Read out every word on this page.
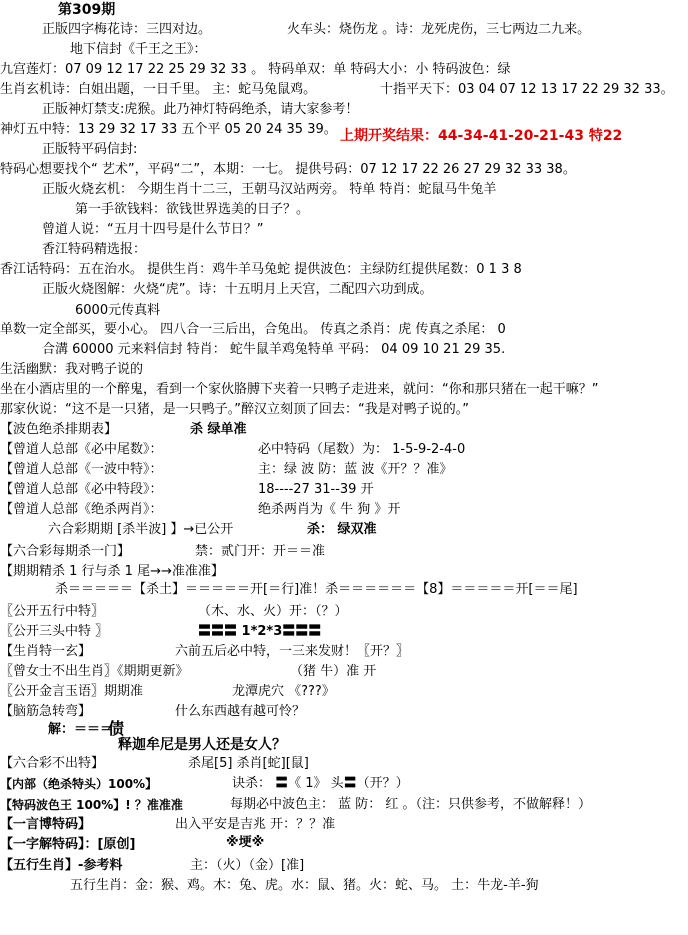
第309期
正版四字梅花诗：三四对边。	火车头：烧伤龙 。诗：龙死虎伤，三七两边二九来。
地下信封《千王之王》：
九宫莲灯：07 09 12 17 22 25 29 32 33 。 特码单双：单 特码大小：小 特码波色：绿
生肖玄机诗：白姐出题，一日千里。 主：蛇马兔鼠鸡。	十指平天下：03 04 07 12 13 17 22 29 32 33。
正版神灯禁支:虎猴。此乃神灯特码绝杀，请大家参考！
神灯五中特：13 29 32 17 33 五个平 05 20 24 35 39。 上期开奖结果：44-34-41-20-21-43 特22
正版特平码信封:
特码心想要找个“ 艺术”，平码“二”，本期：一七。 提供号码：07 12 17 22 26 27 29 32 33 38。
正版火烧玄机： 今期生肖十二三，王朝马汉站两旁。 特单 特肖：蛇鼠马牛兔羊
第一手欲钱料：欲钱世界选美的日子？。
曾道人说：“五月十四号是什么节日？”
香江特码精选报：
香江话特码：五在治水。 提供生肖：鸡牛羊马兔蛇 提供波色：主绿防红提供尾数：0 1 3 8
正版火烧图解：火烧“虎”。诗：十五明月上天宫，二配四六功到成。
6000元传真料
单数一定全部买，要小心。 四八合一三后出，合兔出。 传真之杀肖：虎 传真之杀尾： 0
合溝 60000 元来料信封 特肖： 蛇牛鼠羊鸡兔特单 平码： 04 09 10 21 29 35.
生活幽默：我对鸭子说的
坐在小酒店里的一个醉鬼，看到一个家伙胳膊下夹着一只鸭子走进来，就问：“你和那只猪在一起干嘛？”
那家伙说：“这不是一只猪，是一只鸭子。”醉汉立刻顶了回去：“我是对鸭子说的。”
【波色绝杀排期表】	杀 绿单准
【曾道人总部《必中尾数》：	必中特码（尾数）为： 1-5-9-2-4-0
【曾道人总部《一波中特》：	主：绿 波 防：蓝 波《开？？准》
【曾道人总部《必中特段》：	18----27 31--39 开
【曾道人总部《绝杀两肖》：	绝杀两肖为《 牛 狗 》开
六合彩期期 [杀半波] 】→已公开	杀： 绿双准
【六合彩每期杀一门】	禁：贰门开：开＝＝准
【期期精杀 1 行与杀 1 尾→→准准准】
杀＝＝＝＝＝【杀土】＝＝＝＝＝开[＝行]准！杀＝＝＝＝＝＝【8】＝＝＝＝＝开[＝＝尾]
〖公开五行中特〗	（木、水、火）开：（？）
〖公开三头中特 〗	〓〓〓 1*2*3〓〓〓
【生肖特一玄】	六前五后必中特，一三来发财！〖开？〗
〖曾女士不出生肖〗《期期更新》	（猪 牛）准 开
〖公开金言玉语〗期期准	龙潭虎穴 《???》
【脑筋急转弯】	什么东西越有越可怜？
解：＝＝＝
债
释迦牟尼是男人还是女人？
【六合彩不出特】	杀尾[5] 杀肖[蛇][鼠]
【内部（绝杀特头）100%】	诀杀： 〓《 1》 头〓（开？）
【特码波色王 100%】! ？准准准	每期必中波色主： 蓝 防： 红 。（注：只供参考，不做解释！）
【一言博特码】	出入平安是吉兆 开：？？准
【一字解特码】：[原创]	※埂※
【五行生肖】-参考料	主：（火）（金）[准]
五行生肖：金：猴、鸡。木：兔、虎。水：鼠、猪。火：蛇、马。 土：牛龙-羊-狗
